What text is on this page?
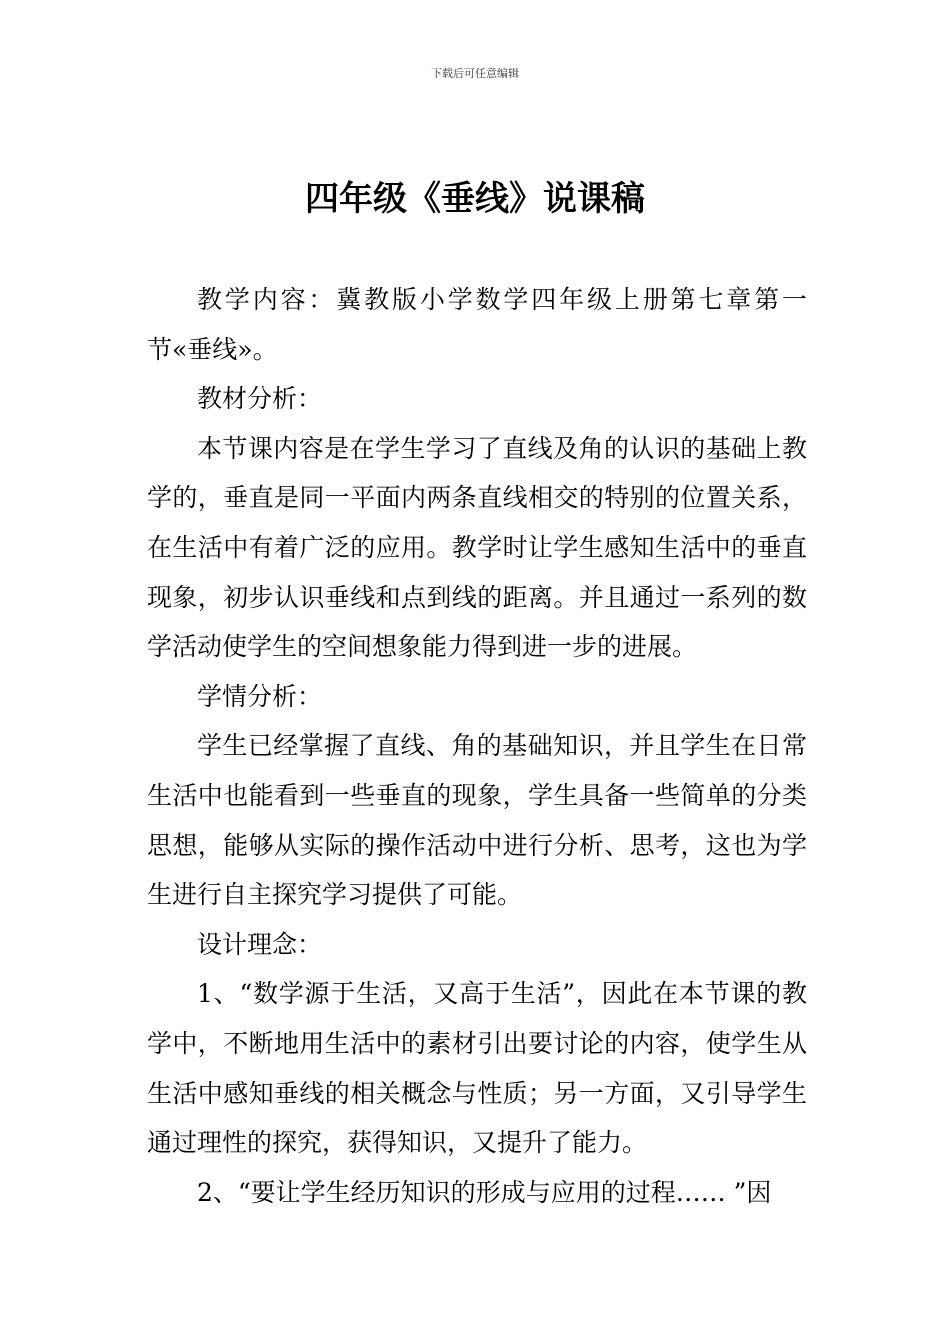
下载后可任意编辑
四年级《垂线》说课稿

教学内容：冀教版小学数学四年级上册第七章第一节«垂线»。

教材分析：

本节课内容是在学生学习了直线及角的认识的基础上教学的，垂直是同一平面内两条直线相交的特别的位置关系，在生活中有着广泛的应用。教学时让学生感知生活中的垂直现象，初步认识垂线和点到线的距离。并且通过一系列的数学活动使学生的空间想象能力得到进一步的进展。

学情分析：

学生已经掌握了直线、角的基础知识，并且学生在日常生活中也能看到一些垂直的现象，学生具备一些简单的分类思想，能够从实际的操作活动中进行分析、思考，这也为学生进行自主探究学习提供了可能。

设计理念：

1、“数学源于生活，又高于生活”，因此在本节课的教学中，不断地用生活中的素材引出要讨论的内容，使学生从生活中感知垂线的相关概念与性质；另一方面，又引导学生通过理性的探究，获得知识，又提升了能力。

2、“要让学生经历知识的形成与应用的过程…… ”因
